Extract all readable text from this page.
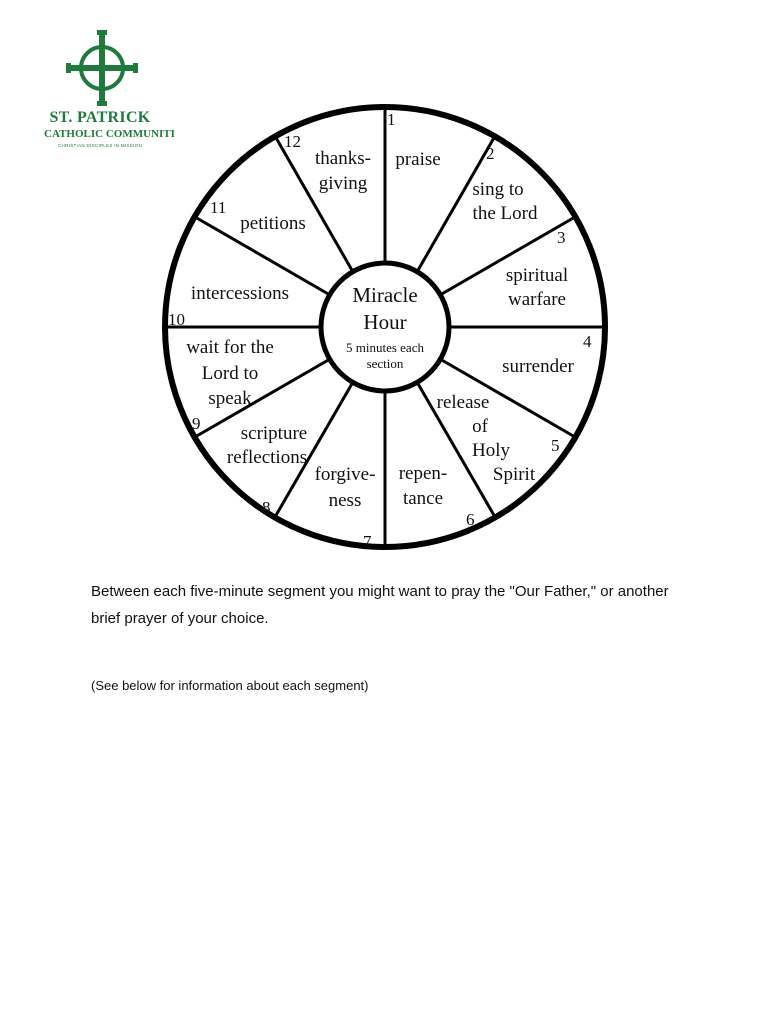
ST. PATRICK
CATHOLIC COMMUNITI
CHRISTIAN DISCIPLES IN MISSION
Miracle
Hour
5 minutes each
section
1
2
3
4
5
6
7
8
9
10
11
12
praise
sing to
the Lord
spiritual
warfare
surrender
release
of
Holy
Spirit
repen-
tance
forgive-
ness
scripture
reflections
wait for the
Lord to
speak
intercessions
petitions
thanks-
giving
Between each five-minute segment you might want to pray the "Our Father," or another brief prayer of your choice.
(See below for information about each segment)
